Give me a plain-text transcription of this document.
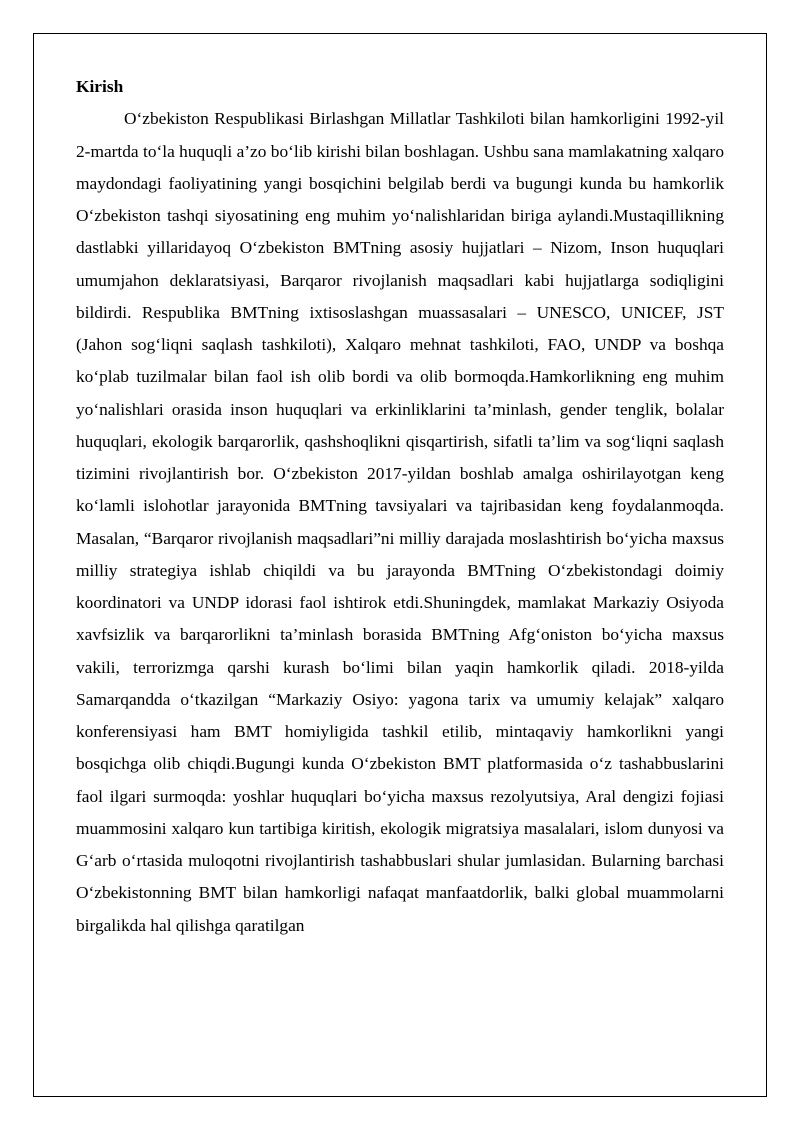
Kirish

O‘zbekiston Respublikasi Birlashgan Millatlar Tashkiloti bilan hamkorligini 1992-yil 2-martda to‘la huquqli a’zo bo‘lib kirishi bilan boshlagan. Ushbu sana mamlakatning xalqaro maydondagi faoliyatining yangi bosqichini belgilab berdi va bugungi kunda bu hamkorlik O‘zbekiston tashqi siyosatining eng muhim yo‘nalishlaridan biriga aylandi.Mustaqillikning dastlabki yillaridayoq O‘zbekiston BMTning asosiy hujjatlari – Nizom, Inson huquqlari umumjahon deklaratsiyasi, Barqaror rivojlanish maqsadlari kabi hujjatlarga sodiqligini bildirdi. Respublika BMTning ixtisoslashgan muassasalari – UNESCO, UNICEF, JST (Jahon sog‘liqni saqlash tashkiloti), Xalqaro mehnat tashkiloti, FAO, UNDP va boshqa ko‘plab tuzilmalar bilan faol ish olib bordi va olib bormoqda.Hamkorlikning eng muhim yo‘nalishlari orasida inson huquqlari va erkinliklarini ta’minlash, gender tenglik, bolalar huquqlari, ekologik barqarorlik, qashshoqlikni qisqartirish, sifatli ta’lim va sog‘liqni saqlash tizimini rivojlantirish bor. O‘zbekiston 2017-yildan boshlab amalga oshirilayotgan keng ko‘lamli islohotlar jarayonida BMTning tavsiyalari va tajribasidan keng foydalanmoqda. Masalan, “Barqaror rivojlanish maqsadlari”ni milliy darajada moslashtirish bo‘yicha maxsus milliy strategiya ishlab chiqildi va bu jarayonda BMTning O‘zbekistondagi doimiy koordinatori va UNDP idorasi faol ishtirok etdi.Shuningdek, mamlakat Markaziy Osiyoda xavfsizlik va barqarorlikni ta’minlash borasida BMTning Afg‘oniston bo‘yicha maxsus vakili, terrorizmga qarshi kurash bo‘limi bilan yaqin hamkorlik qiladi. 2018-yilda Samarqandda o‘tkazilgan “Markaziy Osiyo: yagona tarix va umumiy kelajak” xalqaro konferensiyasi ham BMT homiyligida tashkil etilib, mintaqaviy hamkorlikni yangi bosqichga olib chiqdi.Bugungi kunda O‘zbekiston BMT platformasida o‘z tashabbuslarini faol ilgari surmoqda: yoshlar huquqlari bo‘yicha maxsus rezolyutsiya, Aral dengizi fojiasi muammosini xalqaro kun tartibiga kiritish, ekologik migratsiya masalalari, islom dunyosi va G‘arb o‘rtasida muloqotni rivojlantirish tashabbuslari shular jumlasidan. Bularning barchasi O‘zbekistonning BMT bilan hamkorligi nafaqat manfaatdorlik, balki global muammolarni birgalikda hal qilishga qaratilgan
